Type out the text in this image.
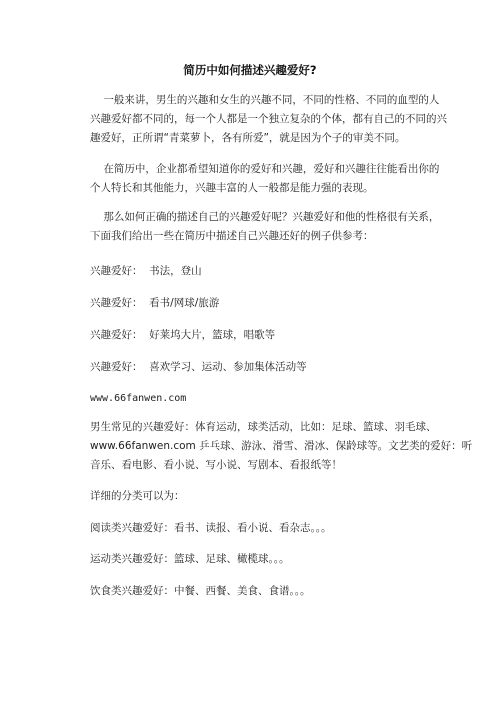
简历中如何描述兴趣爱好?
一般来讲，男生的兴趣和女生的兴趣不同，不同的性格、不同的血型的人
兴趣爱好都不同的，每一个人都是一个独立复杂的个体，都有自己的不同的兴
趣爱好，正所谓“青菜萝卜，各有所爱”，就是因为个子的审美不同。
在简历中，企业都希望知道你的爱好和兴趣，爱好和兴趣往往能看出你的
个人特长和其他能力，兴趣丰富的人一般都是能力强的表现。
那么如何正确的描述自己的兴趣爱好呢？兴趣爱好和他的性格很有关系，
下面我们给出一些在简历中描述自己兴趣还好的例子供参考：
兴趣爱好：  书法，登山
兴趣爱好：  看书/网球/旅游
兴趣爱好：  好莱坞大片，篮球，唱歌等
兴趣爱好：  喜欢学习、运动、参加集体活动等
www.66fanwen.com
男生常见的兴趣爱好：体育运动，球类活动，比如：足球、篮球、羽毛球、
www.66fanwen.com 乒乓球、游泳、滑雪、滑冰、保龄球等。文艺类的爱好：听
音乐、看电影、看小说、写小说、写剧本、看报纸等！
详细的分类可以为：
阅读类兴趣爱好：看书、读报、看小说、看杂志。。。
运动类兴趣爱好：篮球、足球、橄榄球。。。
饮食类兴趣爱好：中餐、西餐、美食、食谱。。。
